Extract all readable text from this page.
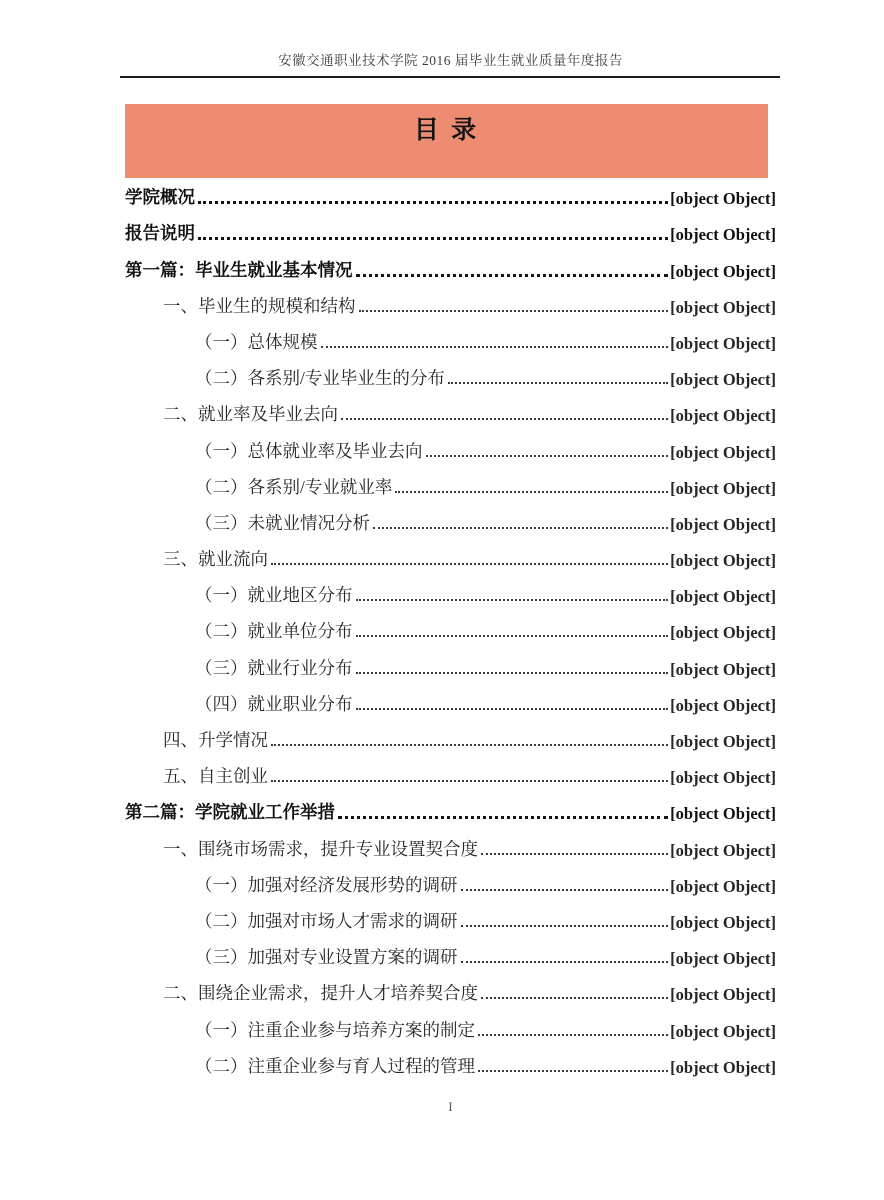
安徽交通职业技术学院 2016 届毕业生就业质量年度报告
目 录
学院概况	[object Object]
报告说明	[object Object]
第一篇：毕业生就业基本情况	[object Object]
一、毕业生的规模和结构	[object Object]
（一）总体规模	[object Object]
（二）各系别/专业毕业生的分布	[object Object]
二、就业率及毕业去向	[object Object]
（一）总体就业率及毕业去向	[object Object]
（二）各系别/专业就业率	[object Object]
（三）未就业情况分析	[object Object]
三、就业流向	[object Object]
（一）就业地区分布	[object Object]
（二）就业单位分布	[object Object]
（三）就业行业分布	[object Object]
（四）就业职业分布	[object Object]
四、升学情况	[object Object]
五、自主创业	[object Object]
第二篇：学院就业工作举措	[object Object]
一、围绕市场需求，提升专业设置契合度	[object Object]
（一）加强对经济发展形势的调研	[object Object]
（二）加强对市场人才需求的调研	[object Object]
（三）加强对专业设置方案的调研	[object Object]
二、围绕企业需求，提升人才培养契合度	[object Object]
（一）注重企业参与培养方案的制定	[object Object]
（二）注重企业参与育人过程的管理	[object Object]
I
